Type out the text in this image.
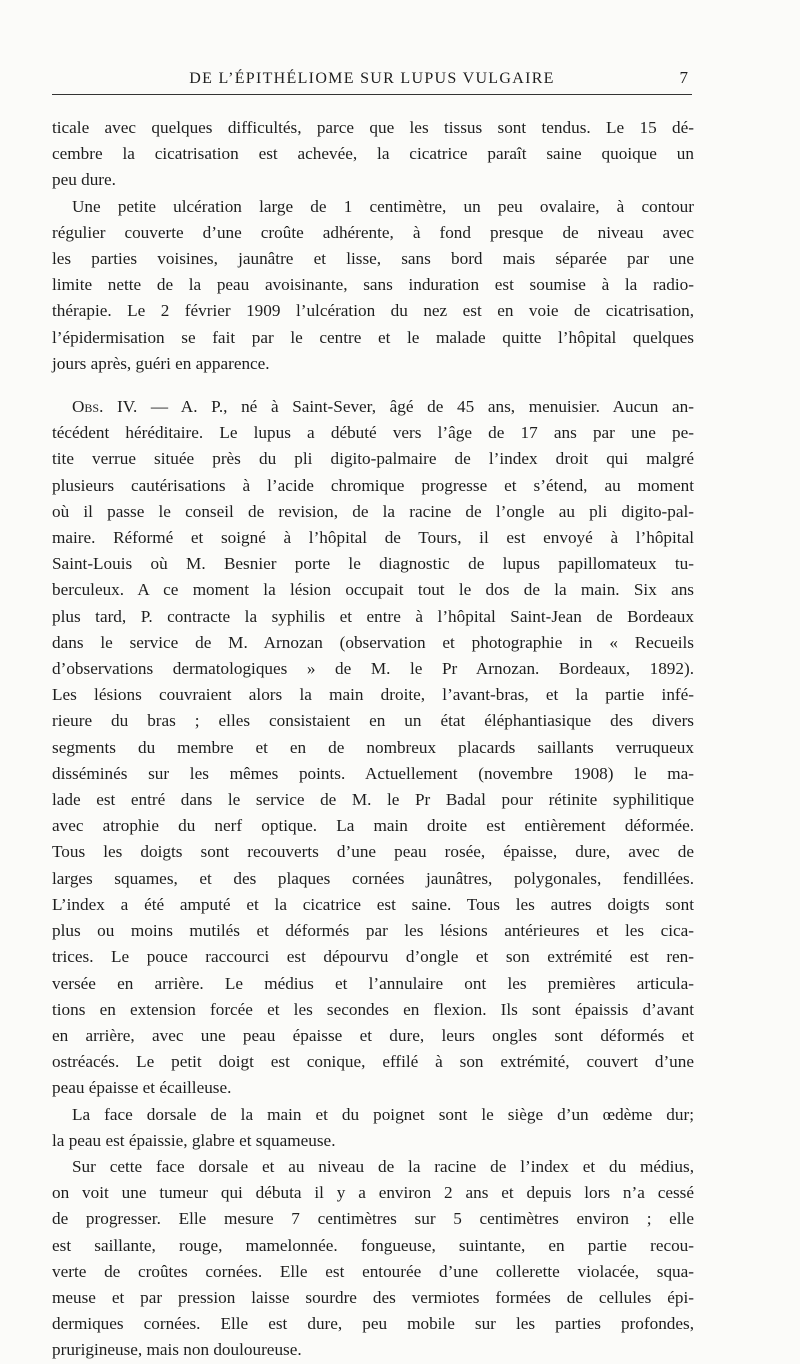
DE L’ÉPITHÉLIOME SUR LUPUS VULGAIRE	7
ticale avec quelques difficultés, parce que les tissus sont tendus. Le 15 dé-
cembre la cicatrisation est achevée, la cicatrice paraît saine quoique un
peu dure.
Une petite ulcération large de 1 centimètre, un peu ovalaire, à contour
régulier couverte d’une croûte adhérente, à fond presque de niveau avec
les parties voisines, jaunâtre et lisse, sans bord mais séparée par une
limite nette de la peau avoisinante, sans induration est soumise à la radio-
thérapie. Le 2 février 1909 l’ulcération du nez est en voie de cicatrisation,
l’épidermisation se fait par le centre et le malade quitte l’hôpital quelques
jours après, guéri en apparence.
Obs. IV. — A. P., né à Saint-Sever, âgé de 45 ans, menuisier. Aucun an-
técédent héréditaire. Le lupus a débuté vers l’âge de 17 ans par une pe-
tite verrue située près du pli digito-palmaire de l’index droit qui malgré
plusieurs cautérisations à l’acide chromique progresse et s’étend, au moment
où il passe le conseil de revision, de la racine de l’ongle au pli digito-pal-
maire. Réformé et soigné à l’hôpital de Tours, il est envoyé à l’hôpital
Saint-Louis où M. Besnier porte le diagnostic de lupus papillomateux tu-
berculeux. A ce moment la lésion occupait tout le dos de la main. Six ans
plus tard, P. contracte la syphilis et entre à l’hôpital Saint-Jean de Bordeaux
dans le service de M. Arnozan (observation et photographie in « Recueils
d’observations dermatologiques » de M. le Pr Arnozan. Bordeaux, 1892).
Les lésions couvraient alors la main droite, l’avant-bras, et la partie infé-
rieure du bras ; elles consistaient en un état éléphantiasique des divers
segments du membre et en de nombreux placards saillants verruqueux
disséminés sur les mêmes points. Actuellement (novembre 1908) le ma-
lade est entré dans le service de M. le Pr Badal pour rétinite syphilitique
avec atrophie du nerf optique. La main droite est entièrement déformée.
Tous les doigts sont recouverts d’une peau rosée, épaisse, dure, avec de
larges squames, et des plaques cornées jaunâtres, polygonales, fendillées.
L’index a été amputé et la cicatrice est saine. Tous les autres doigts sont
plus ou moins mutilés et déformés par les lésions antérieures et les cica-
trices. Le pouce raccourci est dépourvu d’ongle et son extrémité est ren-
versée en arrière. Le médius et l’annulaire ont les premières articula-
tions en extension forcée et les secondes en flexion. Ils sont épaissis d’avant
en arrière, avec une peau épaisse et dure, leurs ongles sont déformés et
ostréacés. Le petit doigt est conique, effilé à son extrémité, couvert d’une
peau épaisse et écailleuse.
La face dorsale de la main et du poignet sont le siège d’un œdème dur;
la peau est épaissie, glabre et squameuse.
Sur cette face dorsale et au niveau de la racine de l’index et du médius,
on voit une tumeur qui débuta il y a environ 2 ans et depuis lors n’a cessé
de progresser. Elle mesure 7 centimètres sur 5 centimètres environ ; elle
est saillante, rouge, mamelonnée. fongueuse, suintante, en partie recou-
verte de croûtes cornées. Elle est entourée d’une collerette violacée, squa-
meuse et par pression laisse sourdre des vermiotes formées de cellules épi-
dermiques cornées. Elle est dure, peu mobile sur les parties profondes,
prurigineuse, mais non douloureuse.
